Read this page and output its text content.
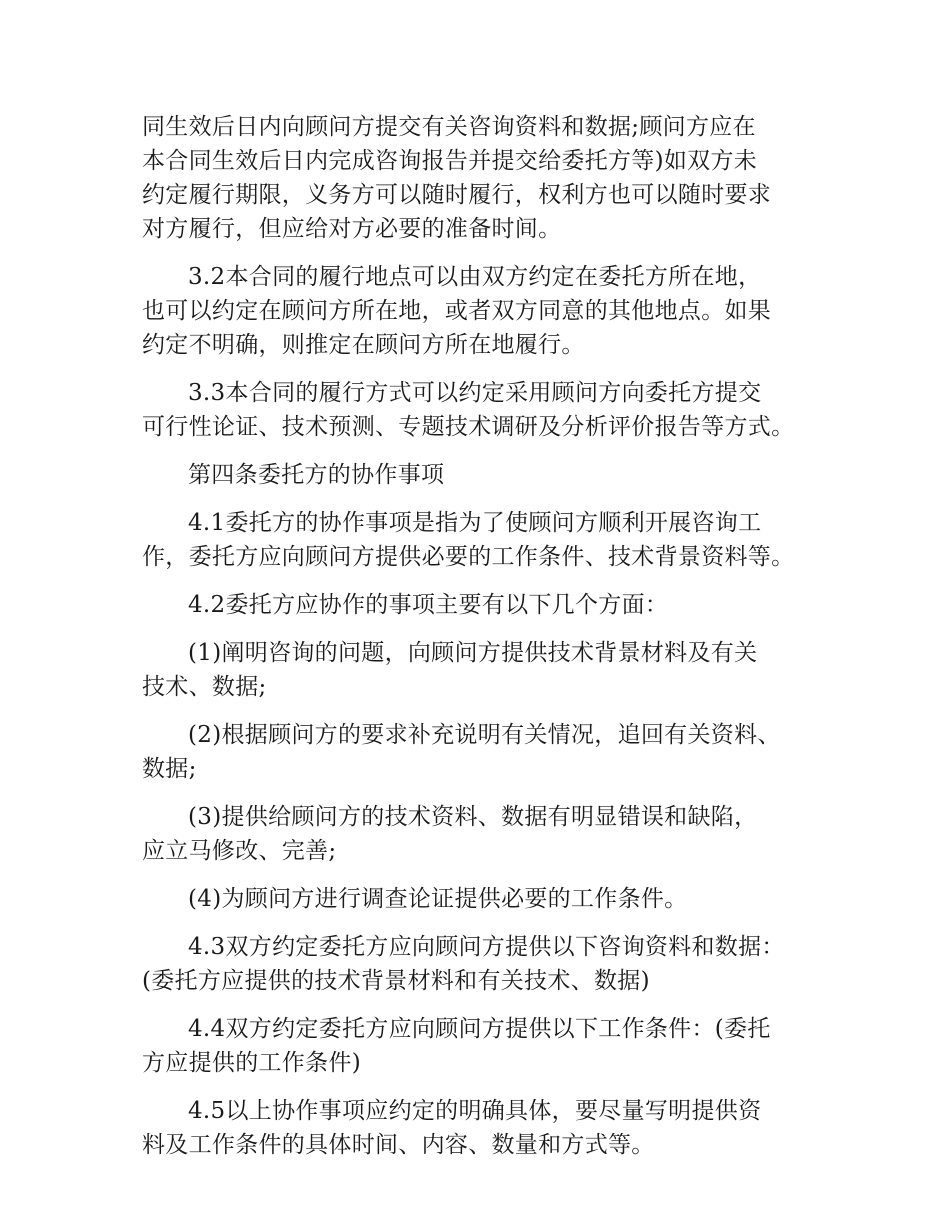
同生效后日内向顾问方提交有关咨询资料和数据;顾问方应在
本合同生效后日内完成咨询报告并提交给委托方等)如双方未
约定履行期限，义务方可以随时履行，权利方也可以随时要求
对方履行，但应给对方必要的准备时间。

3.2本合同的履行地点可以由双方约定在委托方所在地，
也可以约定在顾问方所在地，或者双方同意的其他地点。如果
约定不明确，则推定在顾问方所在地履行。

3.3本合同的履行方式可以约定采用顾问方向委托方提交
可行性论证、技术预测、专题技术调研及分析评价报告等方式。

第四条委托方的协作事项

4.1委托方的协作事项是指为了使顾问方顺利开展咨询工
作，委托方应向顾问方提供必要的工作条件、技术背景资料等。

4.2委托方应协作的事项主要有以下几个方面：

(1)阐明咨询的问题，向顾问方提供技术背景材料及有关
技术、数据;

(2)根据顾问方的要求补充说明有关情况，追回有关资料、
数据;

(3)提供给顾问方的技术资料、数据有明显错误和缺陷，
应立马修改、完善;

(4)为顾问方进行调查论证提供必要的工作条件。

4.3双方约定委托方应向顾问方提供以下咨询资料和数据：
(委托方应提供的技术背景材料和有关技术、数据)

4.4双方约定委托方应向顾问方提供以下工作条件：(委托
方应提供的工作条件)

4.5以上协作事项应约定的明确具体，要尽量写明提供资
料及工作条件的具体时间、内容、数量和方式等。
